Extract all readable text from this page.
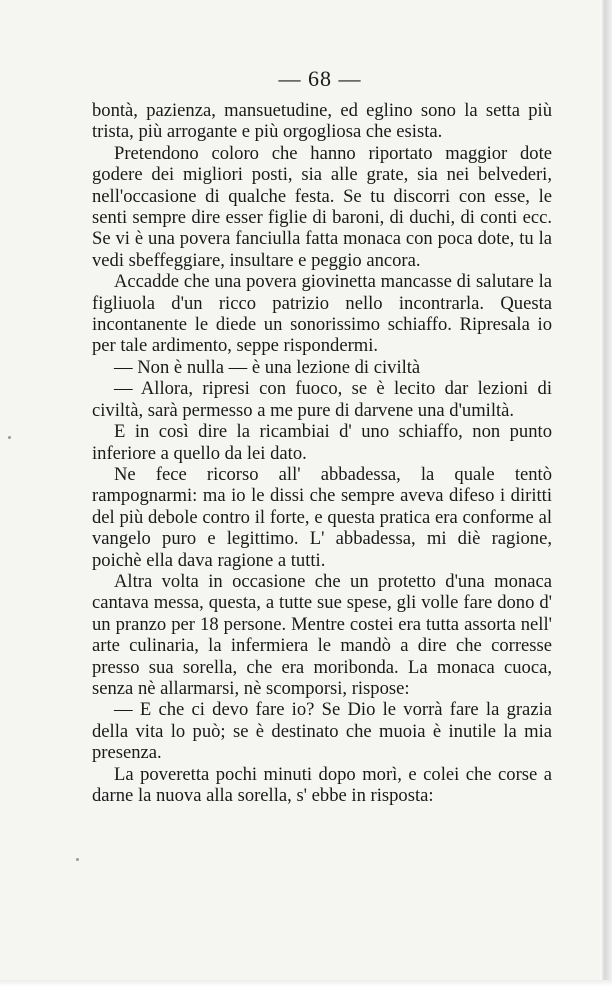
— 68 —

bontà, pazienza, mansuetudine, ed eglino sono la setta più trista, più arrogante e più orgogliosa che esista.

Pretendono coloro che hanno riportato maggior dote godere dei migliori posti, sia alle grate, sia nei belvederi, nell'occasione di qualche festa. Se tu discorri con esse, le senti sempre dire esser figlie di baroni, di duchi, di conti ecc. Se vi è una povera fanciulla fatta monaca con poca dote, tu la vedi sbeffeggiare, insultare e peggio ancora.

Accadde che una povera giovinetta mancasse di salutare la figliuola d'un ricco patrizio nello incontrarla. Questa incontanente le diede un sonorissimo schiaffo. Ripresala io per tale ardimento, seppe rispondermi.

— Non è nulla — è una lezione di civiltà

— Allora, ripresi con fuoco, se è lecito dar lezioni di civiltà, sarà permesso a me pure di darvene una d'umiltà.

E in così dire la ricambiai d' uno schiaffo, non punto inferiore a quello da lei dato.

Ne fece ricorso all' abbadessa, la quale tentò rampognarmi: ma io le dissi che sempre aveva difeso i diritti del più debole contro il forte, e questa pratica era conforme al vangelo puro e legittimo. L' abbadessa, mi diè ragione, poichè ella dava ragione a tutti.

Altra volta in occasione che un protetto d'una monaca cantava messa, questa, a tutte sue spese, gli volle fare dono d' un pranzo per 18 persone. Mentre costei era tutta assorta nell' arte culinaria, la infermiera le mandò a dire che corresse presso sua sorella, che era moribonda. La monaca cuoca, senza nè allarmarsi, nè scomporsi, rispose:

— E che ci devo fare io? Se Dio le vorrà fare la grazia della vita lo può; se è destinato che muoia è inutile la mia presenza.

La poveretta pochi minuti dopo morì, e colei che corse a darne la nuova alla sorella, s' ebbe in risposta:
